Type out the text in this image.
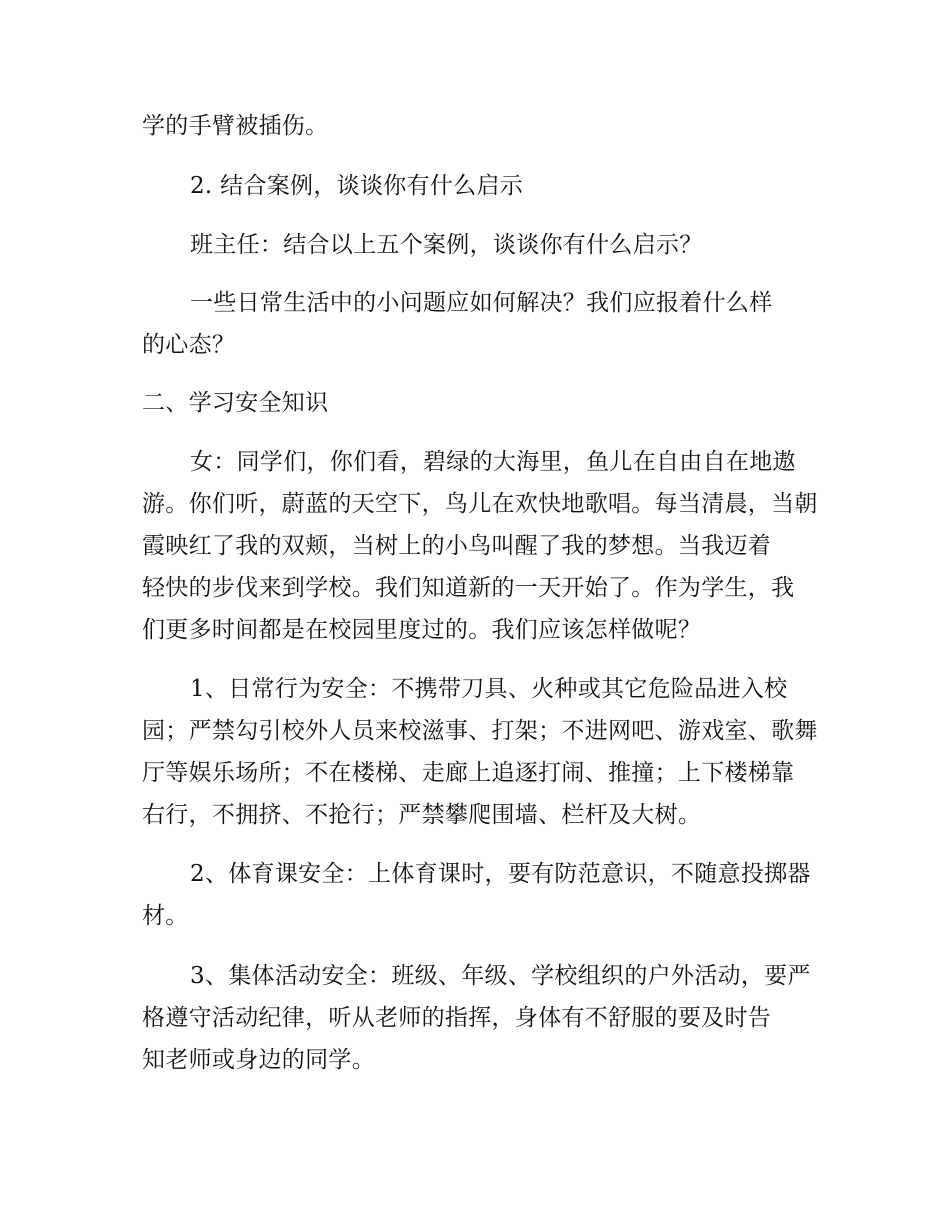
学的手臂被插伤。
2. 结合案例，谈谈你有什么启示
班主任：结合以上五个案例，谈谈你有什么启示？
一些日常生活中的小问题应如何解决？我们应报着什么样
的心态？
二、学习安全知识
女：同学们，你们看，碧绿的大海里，鱼儿在自由自在地遨
游。你们听，蔚蓝的天空下，鸟儿在欢快地歌唱。每当清晨，当朝
霞映红了我的双颊，当树上的小鸟叫醒了我的梦想。当我迈着
轻快的步伐来到学校。我们知道新的一天开始了。作为学生，我
们更多时间都是在校园里度过的。我们应该怎样做呢？
1、日常行为安全：不携带刀具、火种或其它危险品进入校
园；严禁勾引校外人员来校滋事、打架；不进网吧、游戏室、歌舞
厅等娱乐场所；不在楼梯、走廊上追逐打闹、推撞；上下楼梯靠
右行，不拥挤、不抢行；严禁攀爬围墙、栏杆及大树。
2、体育课安全：上体育课时，要有防范意识，不随意投掷器
材。
3、集体活动安全：班级、年级、学校组织的户外活动，要严
格遵守活动纪律，听从老师的指挥，身体有不舒服的要及时告
知老师或身边的同学。
